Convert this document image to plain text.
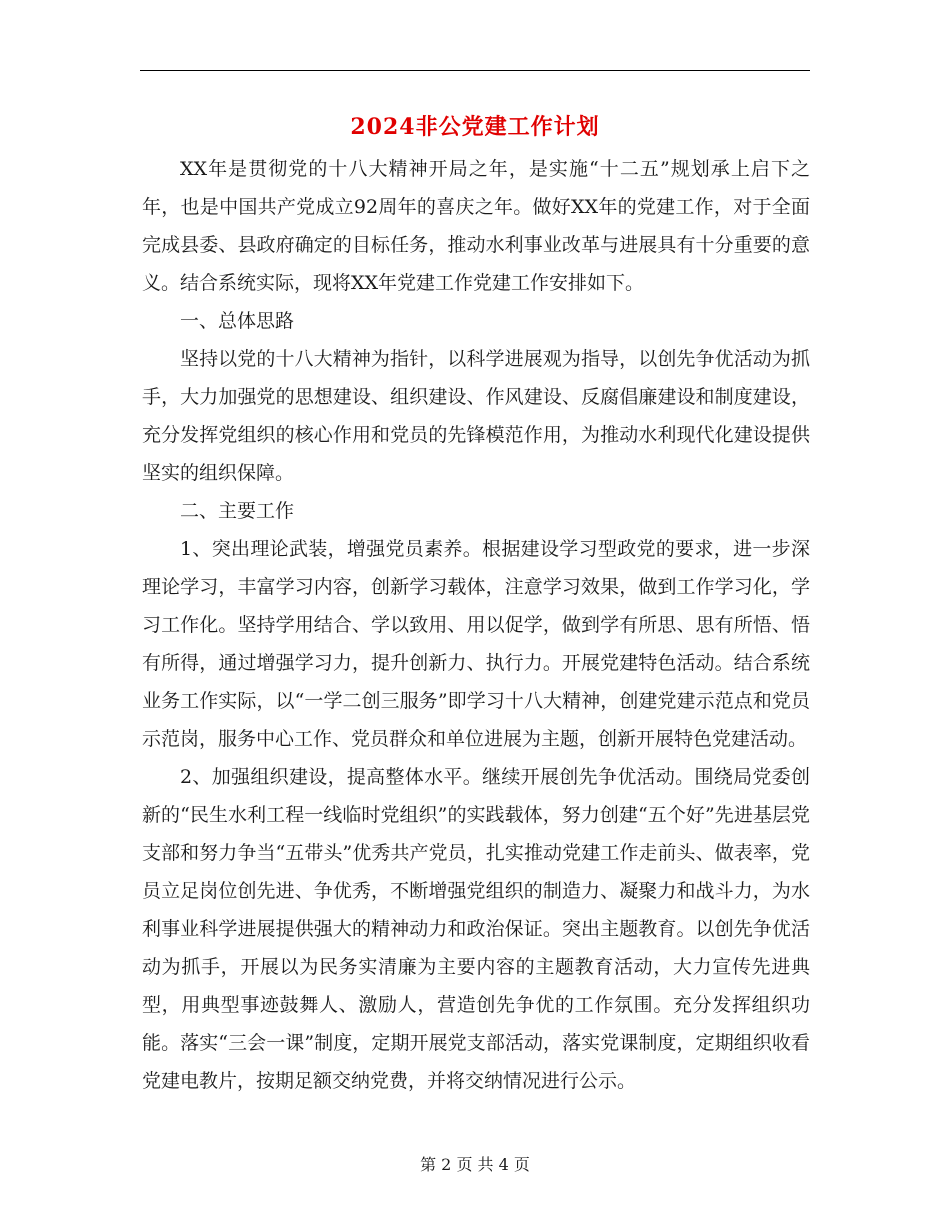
2024非公党建工作计划

XX年是贯彻党的十八大精神开局之年，是实施“十二五”规划承上启下之年，也是中国共产党成立92周年的喜庆之年。做好XX年的党建工作，对于全面完成县委、县政府确定的目标任务，推动水利事业改革与进展具有十分重要的意义。结合系统实际，现将XX年党建工作党建工作安排如下。

一、总体思路

坚持以党的十八大精神为指针，以科学进展观为指导，以创先争优活动为抓手，大力加强党的思想建设、组织建设、作风建设、反腐倡廉建设和制度建设，充分发挥党组织的核心作用和党员的先锋模范作用，为推动水利现代化建设提供坚实的组织保障。

二、主要工作

1、突出理论武装，增强党员素养。根据建设学习型政党的要求，进一步深理论学习，丰富学习内容，创新学习载体，注意学习效果，做到工作学习化，学习工作化。坚持学用结合、学以致用、用以促学，做到学有所思、思有所悟、悟有所得，通过增强学习力，提升创新力、执行力。开展党建特色活动。结合系统业务工作实际，以“一学二创三服务”即学习十八大精神，创建党建示范点和党员示范岗，服务中心工作、党员群众和单位进展为主题，创新开展特色党建活动。

2、加强组织建设，提高整体水平。继续开展创先争优活动。围绕局党委创新的“民生水利工程一线临时党组织”的实践载体，努力创建“五个好”先进基层党支部和努力争当“五带头”优秀共产党员，扎实推动党建工作走前头、做表率，党员立足岗位创先进、争优秀，不断增强党组织的制造力、凝聚力和战斗力，为水利事业科学进展提供强大的精神动力和政治保证。突出主题教育。以创先争优活动为抓手，开展以为民务实清廉为主要内容的主题教育活动，大力宣传先进典型，用典型事迹鼓舞人、激励人，营造创先争优的工作氛围。充分发挥组织功能。落实“三会一课”制度，定期开展党支部活动，落实党课制度，定期组织收看党建电教片，按期足额交纳党费，并将交纳情况进行公示。

第 2 页 共 4 页
